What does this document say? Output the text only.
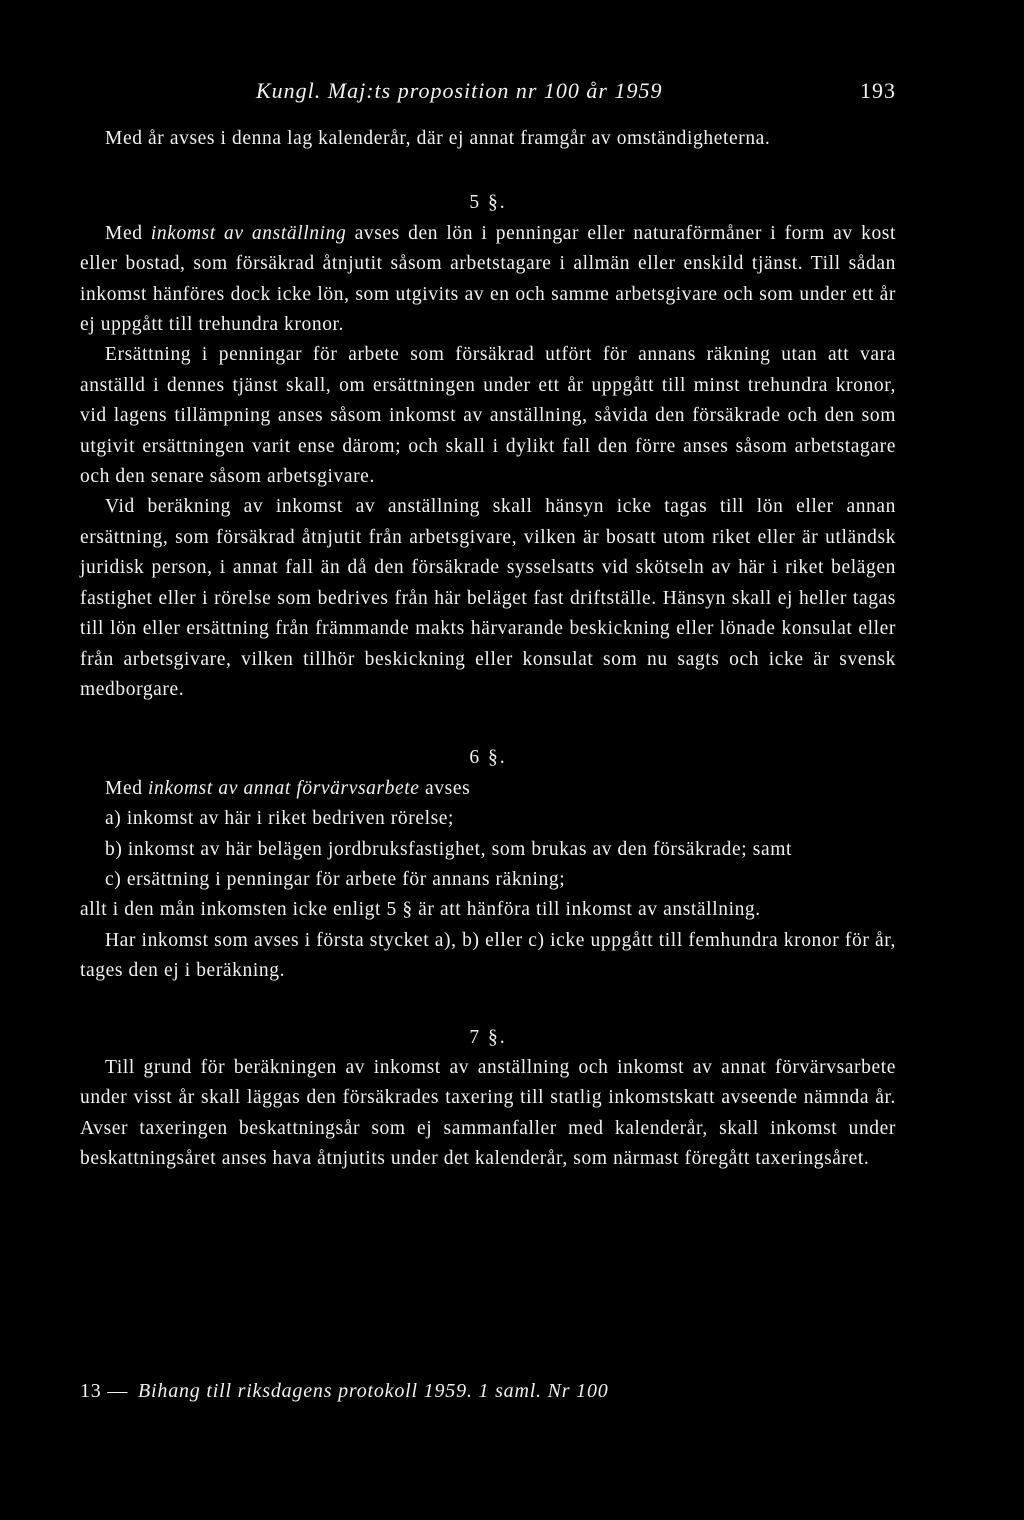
Kungl. Maj:ts proposition nr 100 år 1959	193

Med år avses i denna lag kalenderår, där ej annat framgår av omständigheterna.

5 §.

Med inkomst av anställning avses den lön i penningar eller naturaförmåner i form av kost eller bostad, som försäkrad åtnjutit såsom arbetstagare i allmän eller enskild tjänst. Till sådan inkomst hänföres dock icke lön, som utgivits av en och samme arbetsgivare och som under ett år ej uppgått till trehundra kronor.

Ersättning i penningar för arbete som försäkrad utfört för annans räkning utan att vara anställd i dennes tjänst skall, om ersättningen under ett år uppgått till minst trehundra kronor, vid lagens tillämpning anses såsom inkomst av anställning, såvida den försäkrade och den som utgivit ersättningen varit ense därom; och skall i dylikt fall den förre anses såsom arbetstagare och den senare såsom arbetsgivare.

Vid beräkning av inkomst av anställning skall hänsyn icke tagas till lön eller annan ersättning, som försäkrad åtnjutit från arbetsgivare, vilken är bosatt utom riket eller är utländsk juridisk person, i annat fall än då den försäkrade sysselsatts vid skötseln av här i riket belägen fastighet eller i rörelse som bedrives från här beläget fast driftställe. Hänsyn skall ej heller tagas till lön eller ersättning från främmande makts härvarande beskickning eller lönade konsulat eller från arbetsgivare, vilken tillhör beskickning eller konsulat som nu sagts och icke är svensk medborgare.

6 §.

Med inkomst av annat förvärvsarbete avses

a) inkomst av här i riket bedriven rörelse;

b) inkomst av här belägen jordbruksfastighet, som brukas av den försäkrade; samt

c) ersättning i penningar för arbete för annans räkning;

allt i den mån inkomsten icke enligt 5 § är att hänföra till inkomst av anställning.

Har inkomst som avses i första stycket a), b) eller c) icke uppgått till femhundra kronor för år, tages den ej i beräkning.

7 §.

Till grund för beräkningen av inkomst av anställning och inkomst av annat förvärvsarbete under visst år skall läggas den försäkrades taxering till statlig inkomstskatt avseende nämnda år. Avser taxeringen beskattningsår som ej sammanfaller med kalenderår, skall inkomst under beskattningsåret anses hava åtnjutits under det kalenderår, som närmast föregått taxeringsåret.

13 — Bihang till riksdagens protokoll 1959. 1 saml. Nr 100
